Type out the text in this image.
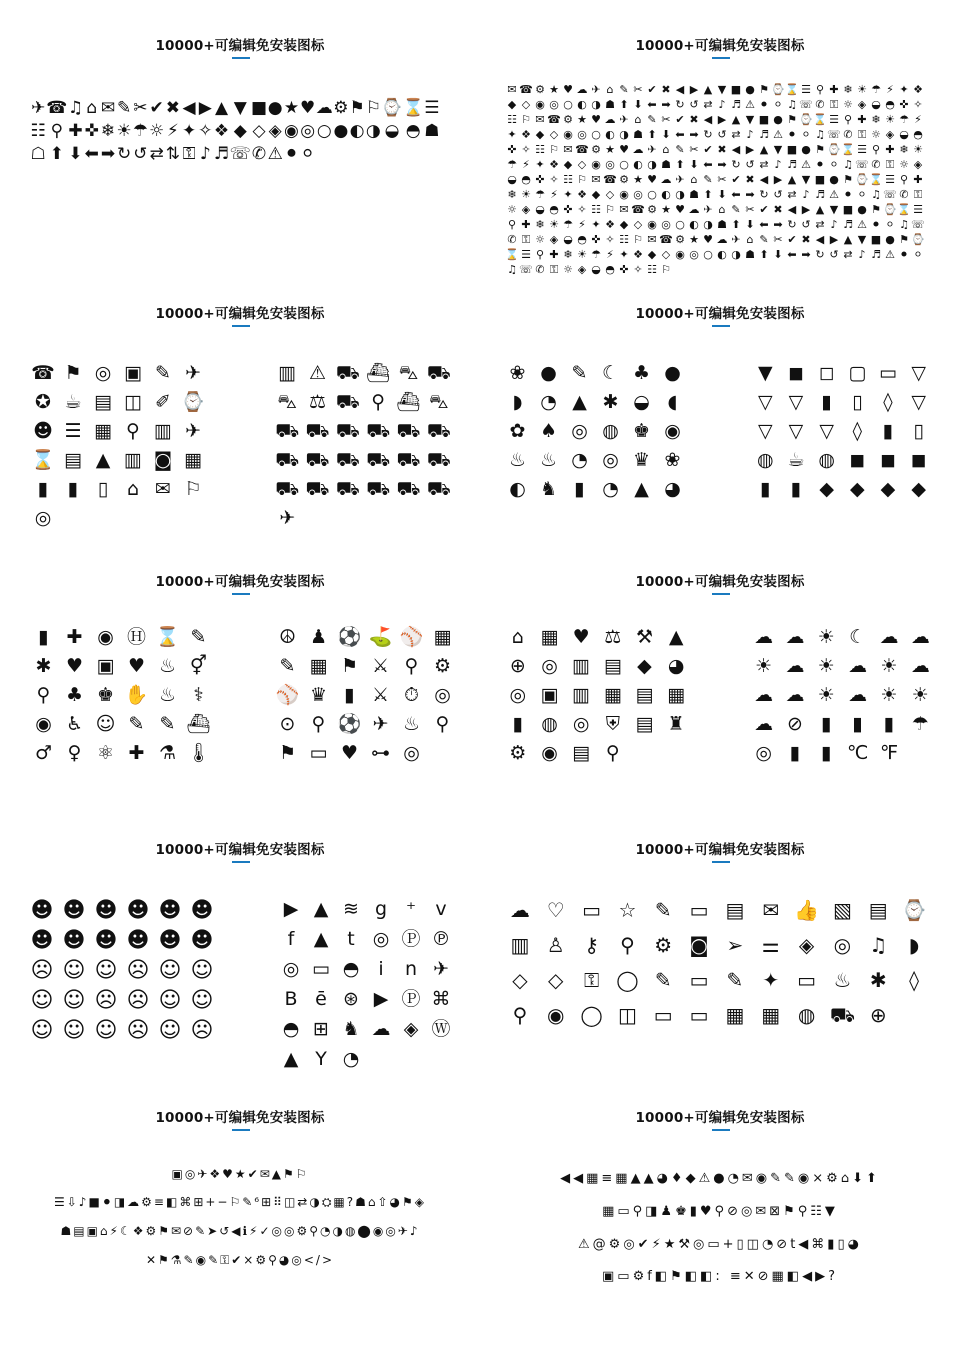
10000+可编辑免安装图标
✈ ☎ ♫ ⌂ ✉ ✎ ✂ ✔ ✖ ◀ ▶ ▲ ▼ ■ ● ★ ♥ ☁ ⚙ ⚑ ⚐ ⌚ ⌛ ☰
☷ ⚲ ✚ ✜ ❄ ☀ ☂ ☼ ⚡ ✦ ✧ ❖ ◆ ◇ ◈ ◉ ◎ ○ ● ◐ ◑ ◒ ◓ ☗
☖ ⬆ ⬇ ⬅ ➡ ↻ ↺ ⇄ ⇅ ⚿ ♪ ♬ ☏ ✆ ⚠ ⚫ ⚪
10000+可编辑免安装图标
✉ ☎ ⚙ ★ ♥ ☁ ✈ ⌂ ✎ ✂ ✔ ✖ ◀ ▶ ▲ ▼ ■ ● ⚑ ⌚ ⌛ ☰ ⚲ ✚ ❄ ☀ ☂ ⚡ ✦ ❖
◆ ◇ ◉ ◎ ○ ◐ ◑ ☗ ⬆ ⬇ ⬅ ➡ ↻ ↺ ⇄ ♪ ♬ ⚠ ⚫ ⚪ ♫ ☏ ✆ ⚿ ☼ ◈ ◒ ◓ ✜ ✧
☷ ⚐ ✉ ☎ ⚙ ★ ♥ ☁ ✈ ⌂ ✎ ✂ ✔ ✖ ◀ ▶ ▲ ▼ ■ ● ⚑ ⌚ ⌛ ☰ ⚲ ✚ ❄ ☀ ☂ ⚡
✦ ❖ ◆ ◇ ◉ ◎ ○ ◐ ◑ ☗ ⬆ ⬇ ⬅ ➡ ↻ ↺ ⇄ ♪ ♬ ⚠ ⚫ ⚪ ♫ ☏ ✆ ⚿ ☼ ◈ ◒ ◓
✜ ✧ ☷ ⚐ ✉ ☎ ⚙ ★ ♥ ☁ ✈ ⌂ ✎ ✂ ✔ ✖ ◀ ▶ ▲ ▼ ■ ● ⚑ ⌚ ⌛ ☰ ⚲ ✚ ❄ ☀
☂ ⚡ ✦ ❖ ◆ ◇ ◉ ◎ ○ ◐ ◑ ☗ ⬆ ⬇ ⬅ ➡ ↻ ↺ ⇄ ♪ ♬ ⚠ ⚫ ⚪ ♫ ☏ ✆ ⚿ ☼ ◈
◒ ◓ ✜ ✧ ☷ ⚐ ✉ ☎ ⚙ ★ ♥ ☁ ✈ ⌂ ✎ ✂ ✔ ✖ ◀ ▶ ▲ ▼ ■ ● ⚑ ⌚ ⌛ ☰ ⚲ ✚
❄ ☀ ☂ ⚡ ✦ ❖ ◆ ◇ ◉ ◎ ○ ◐ ◑ ☗ ⬆ ⬇ ⬅ ➡ ↻ ↺ ⇄ ♪ ♬ ⚠ ⚫ ⚪ ♫ ☏ ✆ ⚿
☼ ◈ ◒ ◓ ✜ ✧ ☷ ⚐ ✉ ☎ ⚙ ★ ♥ ☁ ✈ ⌂ ✎ ✂ ✔ ✖ ◀ ▶ ▲ ▼ ■ ● ⚑ ⌚ ⌛ ☰
⚲ ✚ ❄ ☀ ☂ ⚡ ✦ ❖ ◆ ◇ ◉ ◎ ○ ◐ ◑ ☗ ⬆ ⬇ ⬅ ➡ ↻ ↺ ⇄ ♪ ♬ ⚠ ⚫ ⚪ ♫ ☏
✆ ⚿ ☼ ◈ ◒ ◓ ✜ ✧ ☷ ⚐ ✉ ☎ ⚙ ★ ♥ ☁ ✈ ⌂ ✎ ✂ ✔ ✖ ◀ ▶ ▲ ▼ ■ ● ⚑ ⌚
⌛ ☰ ⚲ ✚ ❄ ☀ ☂ ⚡ ✦ ❖ ◆ ◇ ◉ ◎ ○ ◐ ◑ ☗ ⬆ ⬇ ⬅ ➡ ↻ ↺ ⇄ ♪ ♬ ⚠ ⚫ ⚪
♫ ☏ ✆ ⚿ ☼ ◈ ◒ ◓ ✜ ✧ ☷ ⚐
10000+可编辑免安装图标
☎ ⚑ ◎ ▣ ✎ ✈
✪ ☕ ▤ ◫ ✐ ⌚
☻ ☰ ▦ ⚲ ▥ ✈
⌛ ▤ ▲ ▥ ◙ ▦
▮ ▮ ▯ ⌂ ✉ ⚐
◎
▥ ⚠ ⛟ ⛴ ⛍ ⛟
⛍ ⚖ ⛟ ⚲ ⛴ ⛍
⛟ ⛟ ⛟ ⛟ ⛟ ⛟
⛟ ⛟ ⛟ ⛟ ⛟ ⛟
⛟ ⛟ ⛟ ⛟ ⛟ ⛟
✈
10000+可编辑免安装图标
❀ ● ✎ ☾ ♣ ●
◗ ◔ ▲ ✱ ◒ ◖
✿ ♠ ◎ ◍ ♚ ◉
♨ ♨ ◔ ◎ ♛ ❀
◐ ♞ ▮ ◔ ▲ ◕
▼ ◼ ◻ ▢ ▭ ▽
▽ ▽ ▮ ▯ ◊ ▽
▽ ▽ ▽ ◊ ▮ ▯
◍ ☕ ◍ ◼ ◼ ◼
▮ ▮ ◆ ◆ ◆ ◆
10000+可编辑免安装图标
▮ ✚ ◉ Ⓗ ⌛ ✎
✱ ♥ ▣ ♥ ♨ ⚥
⚲ ♣ ♚ ✋ ♨ ⚕
◉ ♿ ☺ ✎ ✎ ⛴
♂ ♀ ⚛ ✚ ⚗ 🌡
☮ ♟ ⚽ ⛳ ⚾ ▦
✎ ▦ ⚑ ⚔ ⚲ ⚙
⚾ ♛ ▮ ⚔ ⏱ ◎
⊙ ⚲ ⚽ ✈ ♨ ⚲
⚑ ▭ ♥ ⊶ ◎
10000+可编辑免安装图标
⌂ ▦ ♥ ⚖ ⚒ ▲
⊕ ◎ ▥ ▤ ◆ ◕
◎ ▣ ▥ ▦ ▤ ▦
▮ ◍ ◎ ⛨ ▤ ♜
⚙ ◉ ▤ ⚲
☁ ☁ ☀ ☾ ☁ ☁
☀ ☁ ☀ ☁ ☀ ☁
☁ ☁ ☀ ☁ ☀ ☀
☁ ⊘ ▮ ▮ ▮ ☂
◎ ▮ ▮ ℃ ℉
10000+可编辑免安装图标
☻ ☻ ☻ ☻ ☻ ☻
☻ ☻ ☻ ☻ ☻ ☻
☹ ☺ ☺ ☹ ☺ ☺
☺ ☺ ☹ ☹ ☺ ☺
☺ ☺ ☺ ☹ ☺ ☹
▶ ▲ ≋ g ⁺ v
f ▲ t ◎ Ⓟ ℗
◎ ▭ ◓ i n ✈
B ē ⊛ ▶ Ⓟ ⌘
◓ ⊞ ♞ ☁ ◈ Ⓦ
▲ Y ◔
10000+可编辑免安装图标
☁ ♡ ▭ ☆ ✎ ▭ ▤ ✉ 👍 ▧ ▤ ⌚
▥ ♙ ⚷ ⚲ ⚙ ◙ ➢ ⚌ ◈ ◎ ♫ ◗
◇ ◇ ⚿ ◯ ✎ ▭ ✎ ✦ ▭ ♨ ✱ ◊
⚲ ◉ ◯ ◫ ▭ ▭ ▦ ▦ ◍ ⛟ ⊕
10000+可编辑免安装图标
▣◎✈❖♥★✔✉▲⚑⚐
☰⇩♪■⚫◨☁⚙≡◧⌘⊞+−⚐✎⁶⊞⠿◫⇄◑⛭▦?☗⌂⇧◕⚑◈
☗▤▣⌂⚡☾❖⚙⚑✉⊘✎➤↺◀ℹ⚡✓◎◎⚙⚲◔◑◍⬤◉◎✈♪
✕⚑⚗✎◉✎⚿✔×⚙⚲◕◎</>
10000+可编辑免安装图标
◀◀▦≡▦▲▲◕♦◆⚠●◔✉◉✎✎◉⨯⚙⌂⬇⬆
▦▭⚲◨♟♚▮♥⚲⊘◎✉⊠⚑⚲☷▼
⚠@⚙◎✔⚡★⚒◎▭+▯◫◔⊘t◀⌘▮▯◕
▣▭⚙f◧⚑◧◧: ≡✕⊘▦◧◀▶?
